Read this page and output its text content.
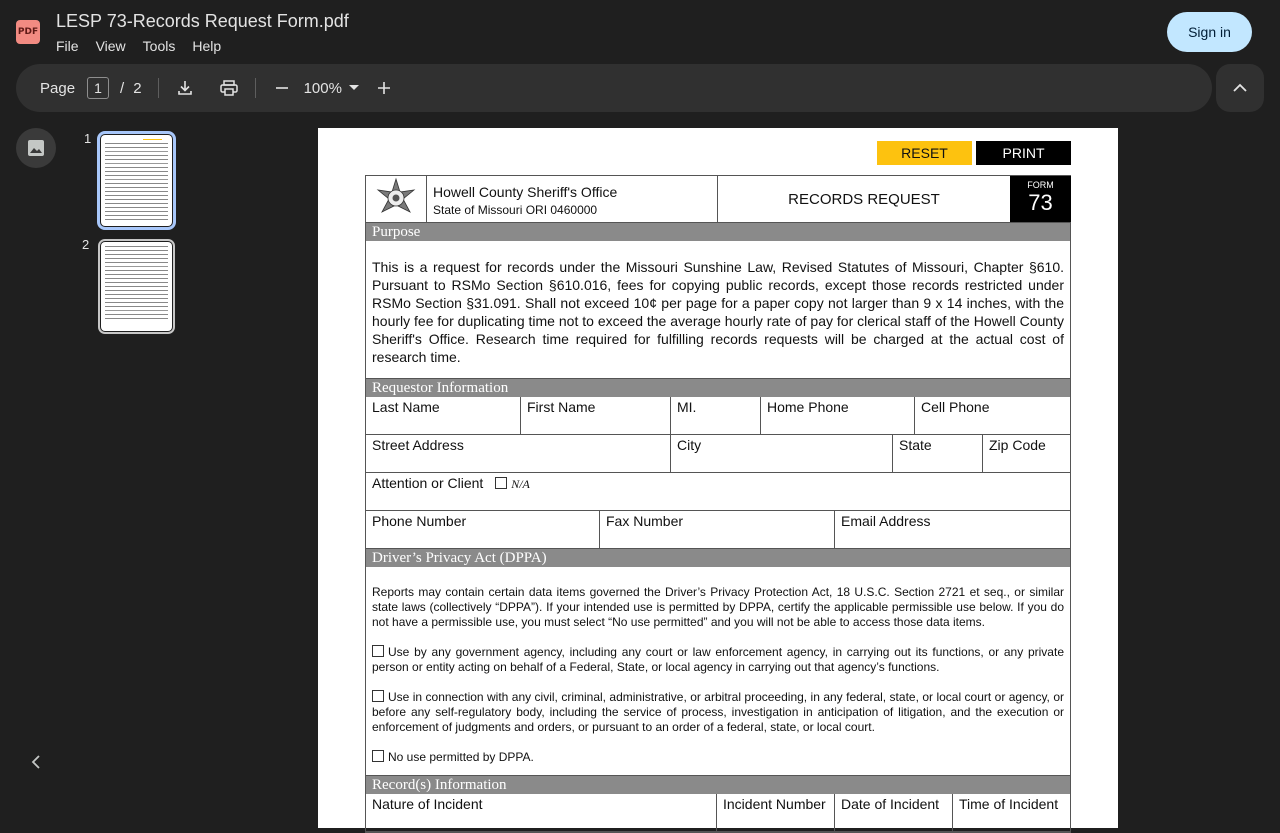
PDF
LESP 73-Records Request Form.pdf
File View Tools Help
Sign in
Page	1	/ 2	100%
1
2
RESET	PRINT
Howell County Sheriff's Office
State of Missouri ORI 0460000
RECORDS REQUEST
FORM
73
Purpose
This is a request for records under the Missouri Sunshine Law, Revised Statutes of Missouri, Chapter §610. Pursuant to RSMo Section §610.016, fees for copying public records, except those records restricted under RSMo Section §31.091. Shall not exceed 10¢ per page for a paper copy not larger than 9 x 14 inches, with the hourly fee for duplicating time not to exceed the average hourly rate of pay for clerical staff of the Howell County Sheriff's Office. Research time required for fulfilling records requests will be charged at the actual cost of research time.
Requestor Information
Last Name	First Name	MI.	Home Phone	Cell Phone
Street Address	City	State	Zip Code
Attention or Client N/A
Phone Number	Fax Number	Email Address
Driver’s Privacy Act (DPPA)

Reports may contain certain data items governed the Driver’s Privacy Protection Act, 18 U.S.C. Section 2721 et seq., or similar state laws (collectively “DPPA”). If your intended use is permitted by DPPA, certify the applicable permissible use below. If you do not have a permissible use, you must select “No use permitted” and you will not be able to access those data items.

Use by any government agency, including any court or law enforcement agency, in carrying out its functions, or any private person or entity acting on behalf of a Federal, State, or local agency in carrying out that agency’s functions.

Use in connection with any civil, criminal, administrative, or arbitral proceeding, in any federal, state, or local court or agency, or before any self-regulatory body, including the service of process, investigation in anticipation of litigation, and the execution or enforcement of judgments and orders, or pursuant to an order of a federal, state, or local court.

No use permitted by DPPA.

Record(s) Information
Nature of Incident	Incident Number	Date of Incident	Time of Incident
